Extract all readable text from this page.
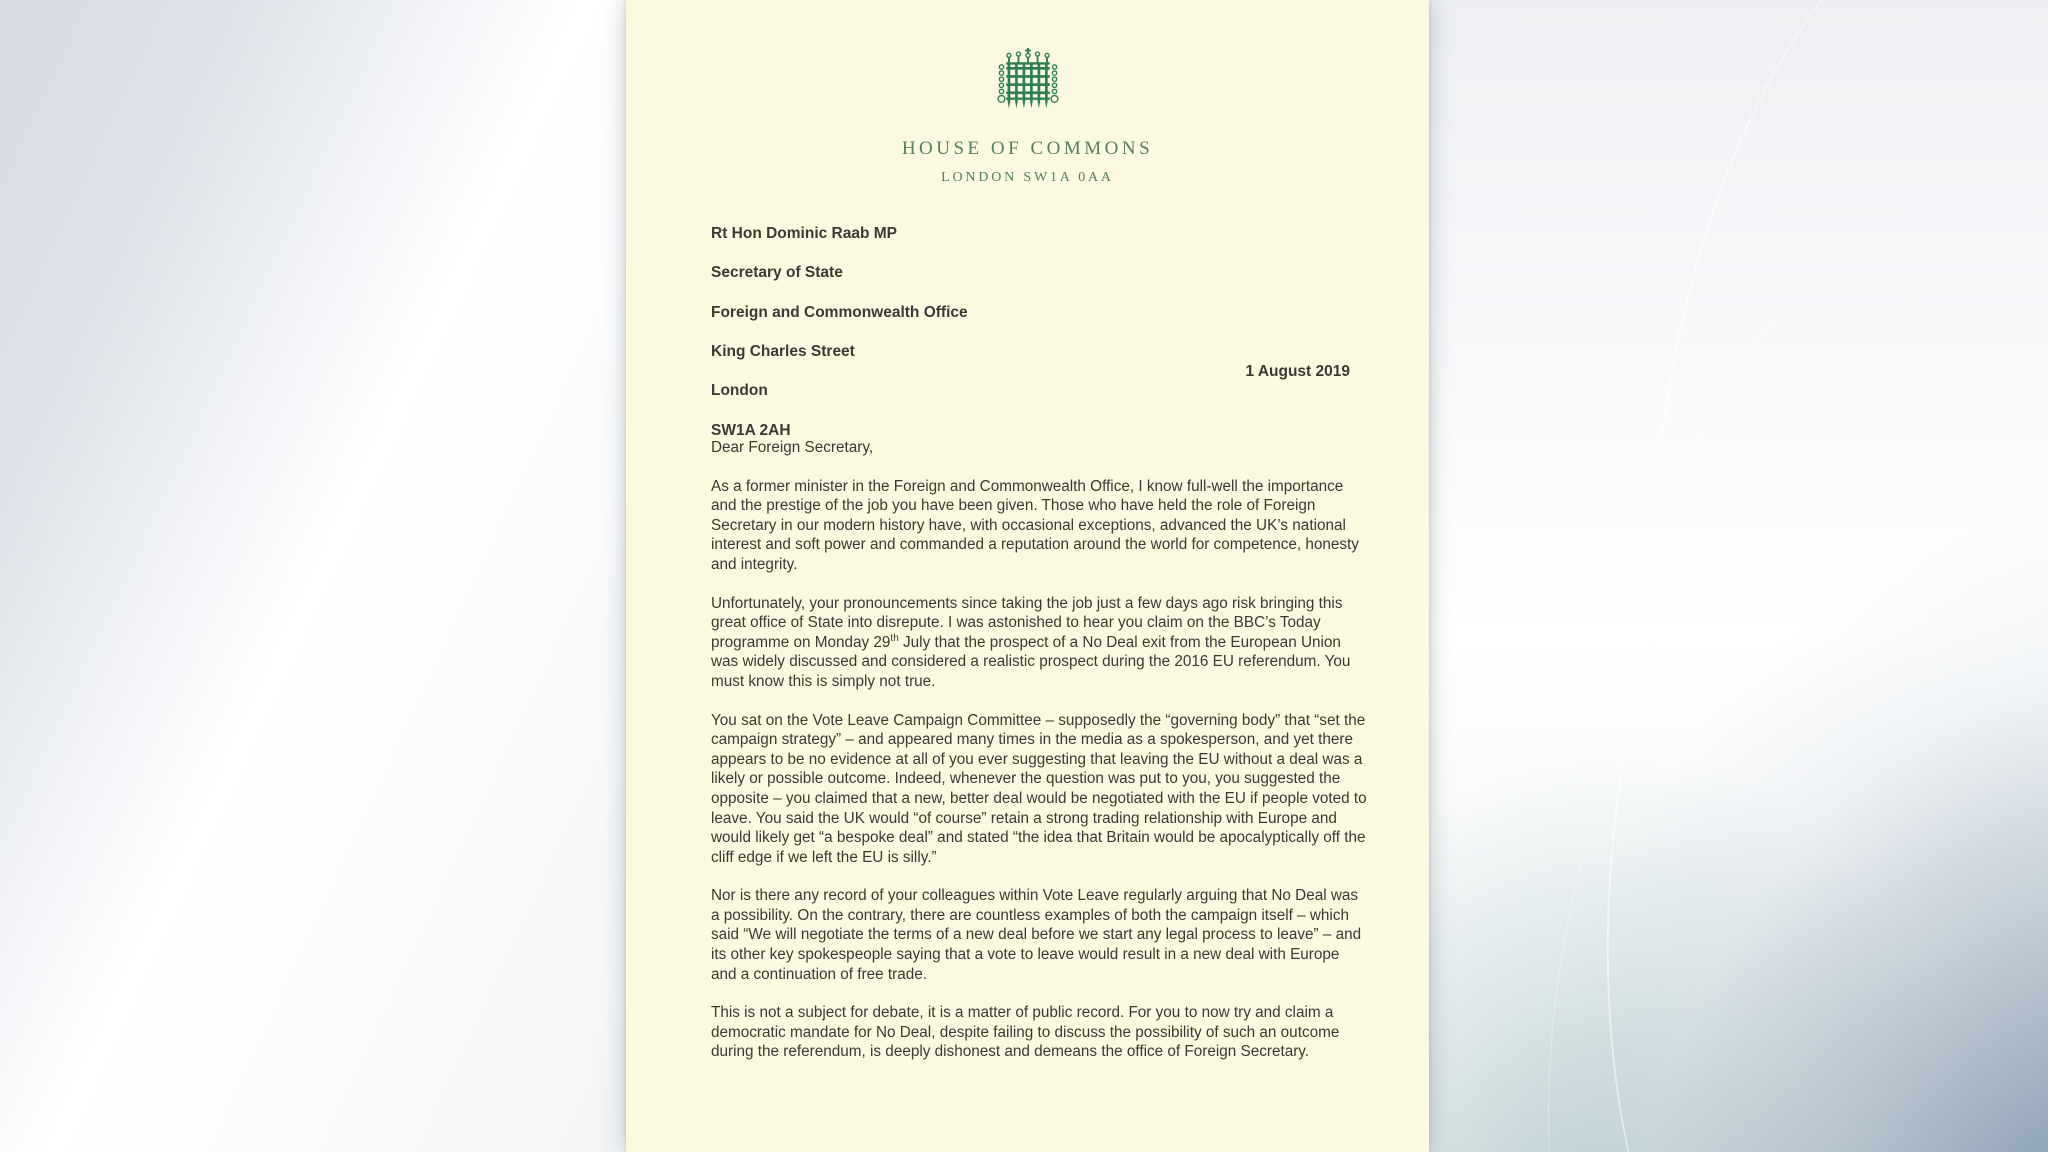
HOUSE OF COMMONS
LONDON SW1A 0AA

Rt Hon Dominic Raab MP

Secretary of State

Foreign and Commonwealth Office

King Charles Street

London

SW1A 2AH

1 August 2019

Dear Foreign Secretary,

As a former minister in the Foreign and Commonwealth Office, I know full-well the importance and the prestige of the job you have been given. Those who have held the role of Foreign Secretary in our modern history have, with occasional exceptions, advanced the UK’s national interest and soft power and commanded a reputation around the world for competence, honesty and integrity.

Unfortunately, your pronouncements since taking the job just a few days ago risk bringing this great office of State into disrepute. I was astonished to hear you claim on the BBC’s Today programme on Monday 29th July that the prospect of a No Deal exit from the European Union was widely discussed and considered a realistic prospect during the 2016 EU referendum. You must know this is simply not true.

You sat on the Vote Leave Campaign Committee – supposedly the “governing body” that “set the campaign strategy” – and appeared many times in the media as a spokesperson, and yet there appears to be no evidence at all of you ever suggesting that leaving the EU without a deal was a likely or possible outcome. Indeed, whenever the question was put to you, you suggested the opposite – you claimed that a new, better deal would be negotiated with the EU if people voted to leave. You said the UK would “of course” retain a strong trading relationship with Europe and would likely get “a bespoke deal” and stated “the idea that Britain would be apocalyptically off the cliff edge if we left the EU is silly.”

Nor is there any record of your colleagues within Vote Leave regularly arguing that No Deal was a possibility. On the contrary, there are countless examples of both the campaign itself – which said “We will negotiate the terms of a new deal before we start any legal process to leave” – and its other key spokespeople saying that a vote to leave would result in a new deal with Europe and a continuation of free trade.

This is not a subject for debate, it is a matter of public record. For you to now try and claim a democratic mandate for No Deal, despite failing to discuss the possibility of such an outcome during the referendum, is deeply dishonest and demeans the office of Foreign Secretary.
